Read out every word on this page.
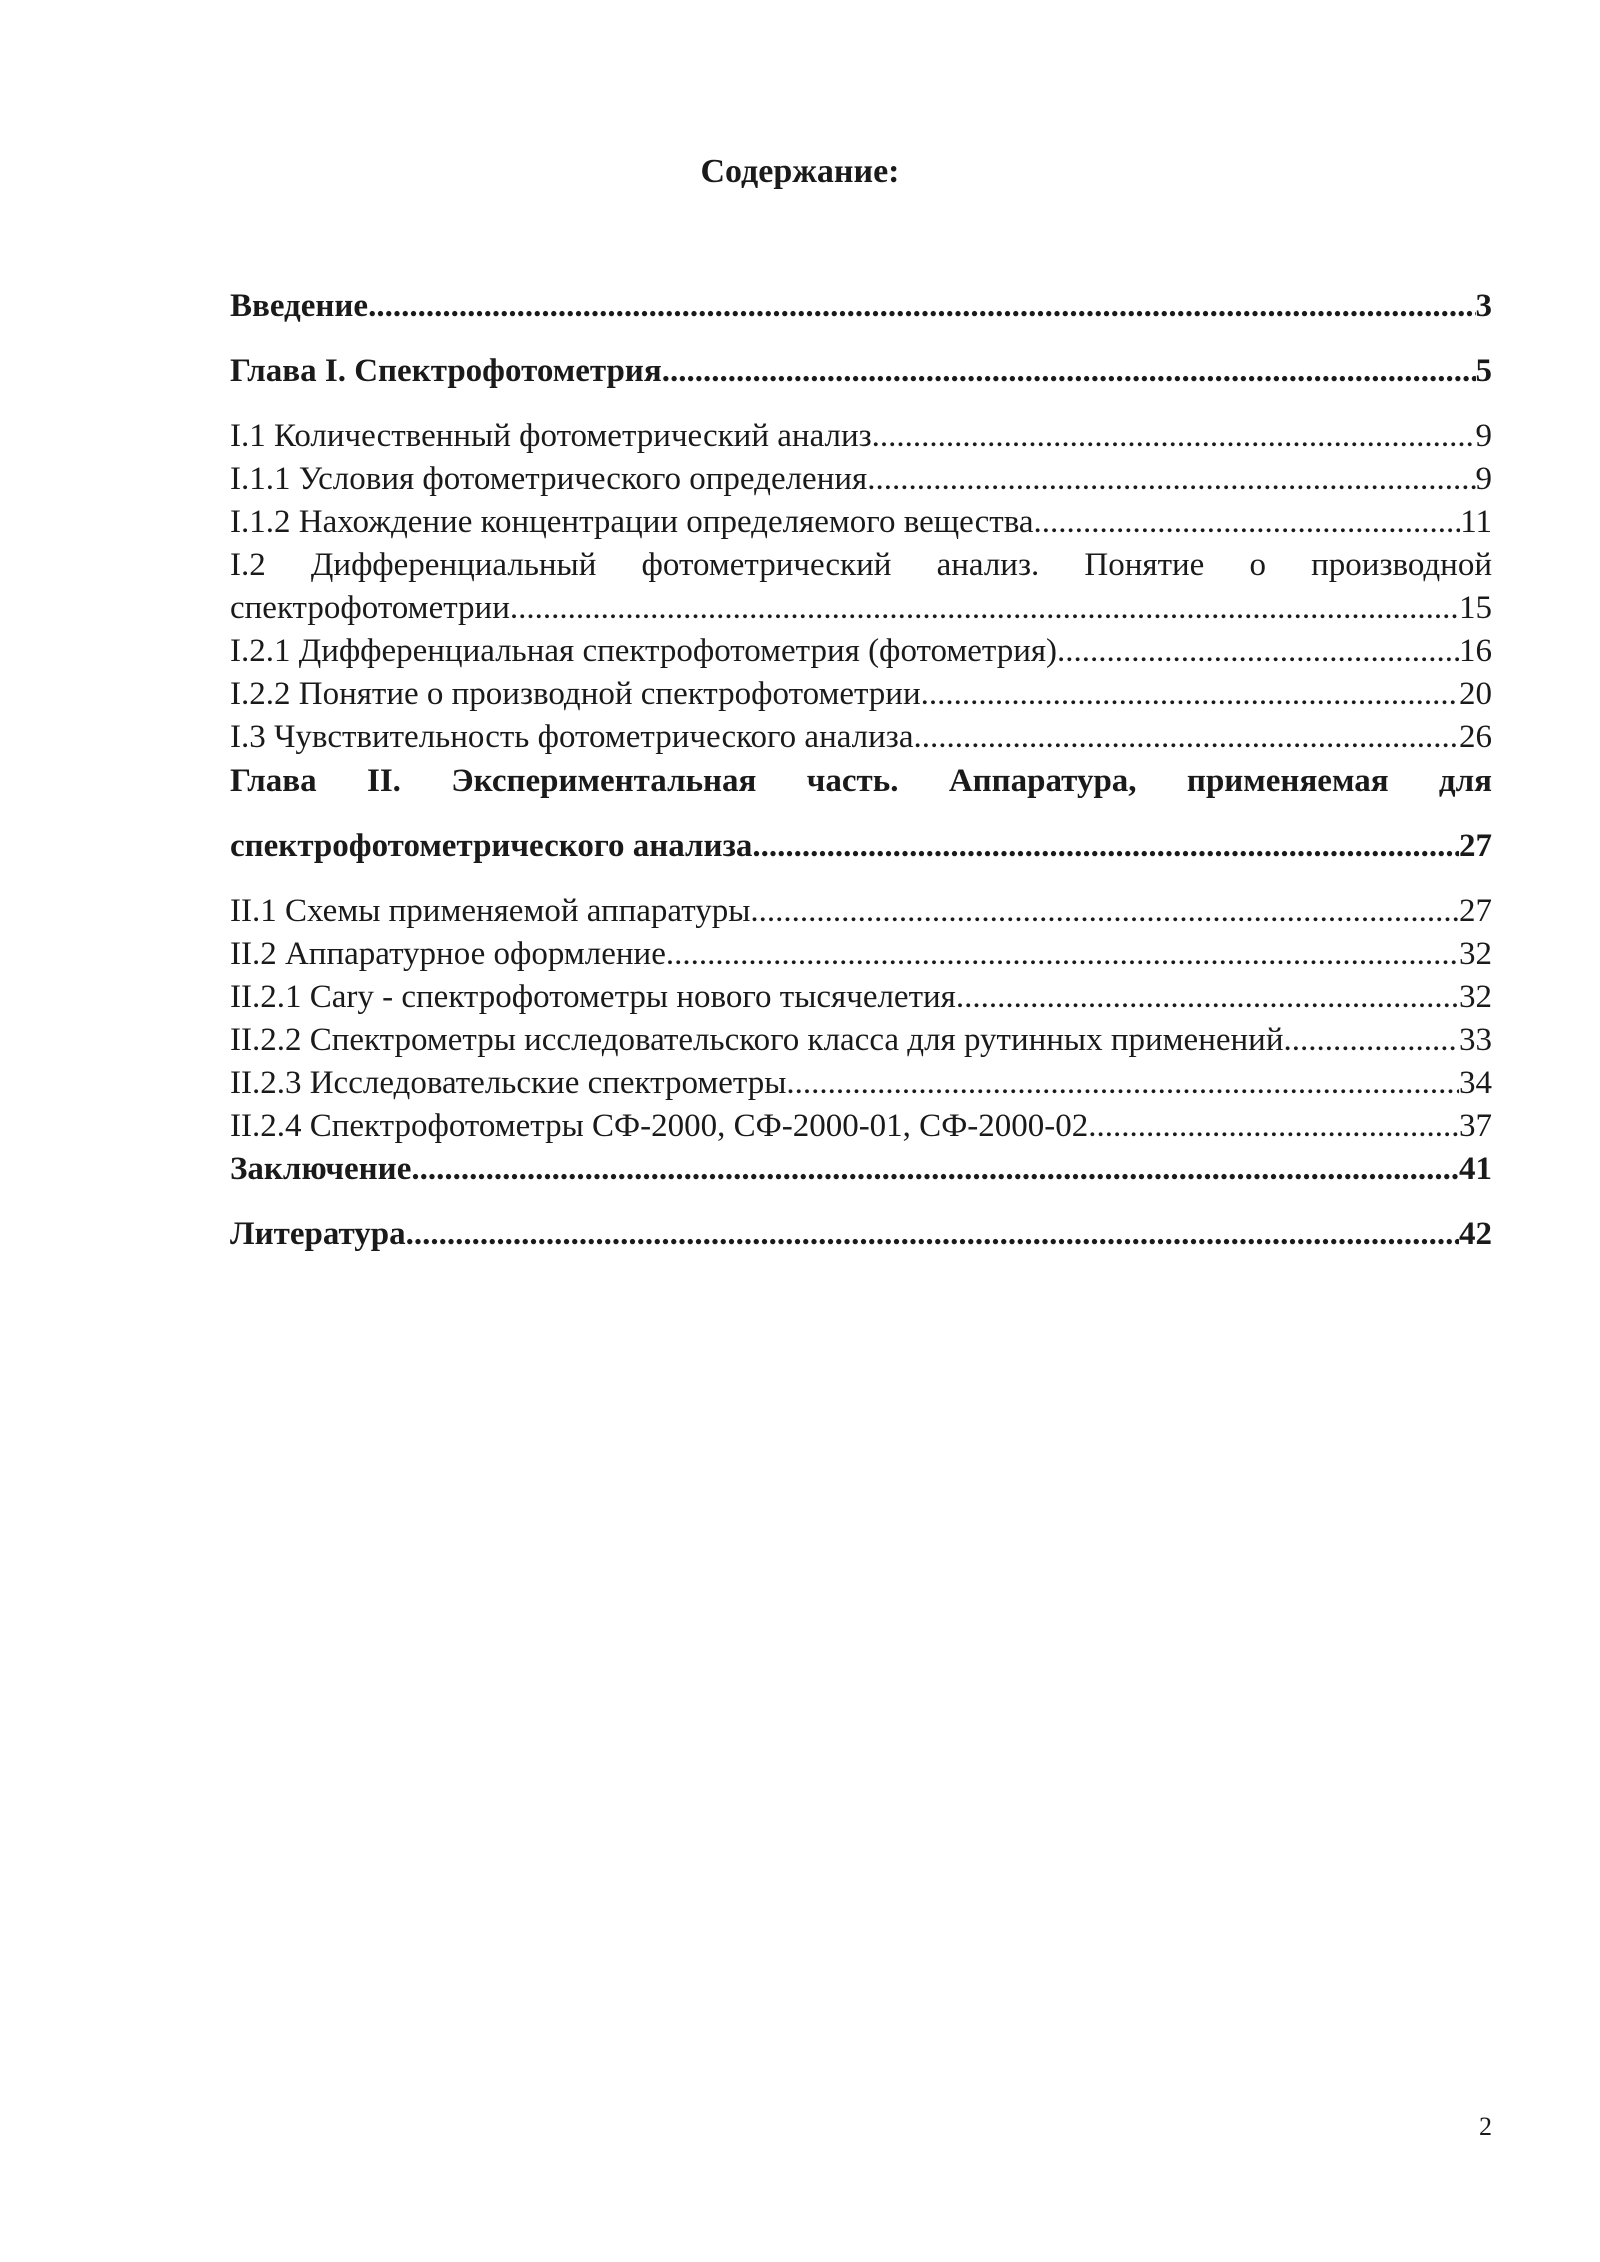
Содержание:
Введение .....	3
Глава I. Спектрофотометрия .....	5
I.1 Количественный фотометрический анализ .....	9
I.1.1 Условия фотометрического определения .....	9
I.1.2 Нахождение концентрации определяемого вещества .....	11
I.2 Дифференциальный фотометрический анализ. Понятие о производной
спектрофотометрии .....	15
I.2.1 Дифференциальная спектрофотометрия (фотометрия) .....	16
I.2.2 Понятие о производной спектрофотометрии .....	20
I.3 Чувствительность фотометрического анализа .....	26
Глава II. Экспериментальная часть. Аппаратура, применяемая для
спектрофотометрического анализа .....	27
II.1 Схемы применяемой аппаратуры .....	27
II.2 Аппаратурное оформление .....	32
II.2.1 Cary - спектрофотометры нового тысячелетия .....	32
II.2.2 Спектрометры исследовательского класса для рутинных применений. .....	33
II.2.3 Исследовательские спектрометры .....	34
II.2.4 Спектрофотометры СФ-2000, СФ-2000-01, СФ-2000-02 .....	37
Заключение .....	41
Литература .....	42
2
